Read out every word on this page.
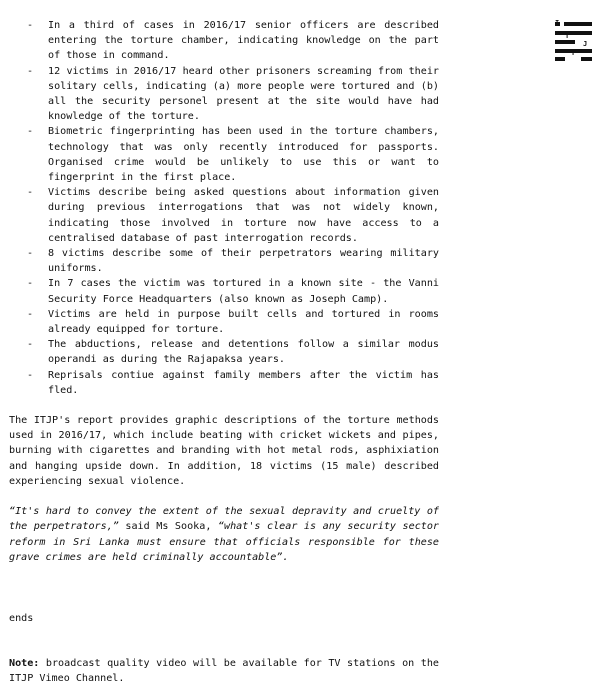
I
T
J
P
- In a third of cases in 2016/17 senior officers are described entering the torture chamber, indicating knowledge on the part of those in command.
- 12 victims in 2016/17 heard other prisoners screaming from their solitary cells, indicating (a) more people were tortured and (b) all the security personel present at the site would have had knowledge of the torture.
- Biometric fingerprinting has been used in the torture chambers, technology that was only recently introduced for passports. Organised crime would be unlikely to use this or want to fingerprint in the first place.
- Victims describe being asked questions about information given during previous interrogations that was not widely known, indicating those involved in torture now have access to a centralised database of past interrogation records.
- 8 victims describe some of their perpetrators wearing military uniforms.
- In 7 cases the victim was tortured in a known site - the Vanni Security Force Headquarters (also known as Joseph Camp).
- Victims are held in purpose built cells and tortured in rooms already equipped for torture.
- The abductions, release and detentions follow a similar modus operandi as during the Rajapaksa years.
- Reprisals contiue against family members after the victim has fled.

The ITJP's report provides graphic descriptions of the torture methods used in 2016/17, which include beating with cricket wickets and pipes, burning with cigarettes and branding with hot metal rods, asphixiation and hanging upside down. In addition, 18 victims (15 male) described experiencing sexual violence.

“It's hard to convey the extent of the sexual depravity and cruelty of the perpetrators,” said Ms Sooka, “what's clear is any security sector reform in Sri Lanka must ensure that officials responsible for these grave crimes are held criminally accountable”.

ends

Note: broadcast quality video will be available for TV stations on the ITJP Vimeo Channel.
